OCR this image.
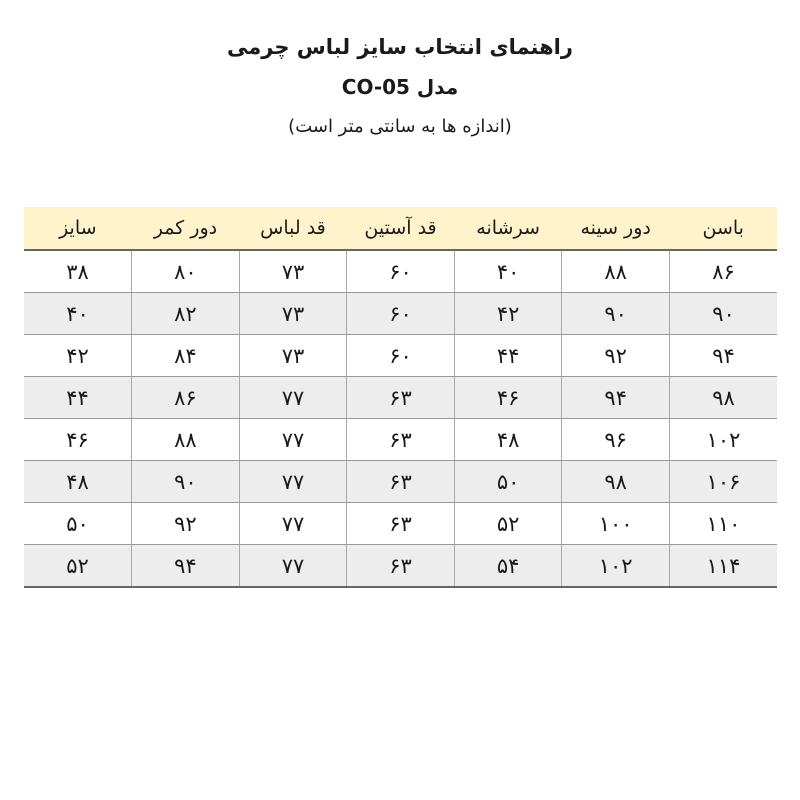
راهنمای انتخاب سایز لباس چرمی
مدل CO-05
(اندازه ها به سانتی متر است)
باسن	دور سینه	سرشانه	قد آستین	قد لباس	دور کمر	سایز
۸۶	۸۸	۴۰	۶۰	۷۳	۸۰	۳۸
۹۰	۹۰	۴۲	۶۰	۷۳	۸۲	۴۰
۹۴	۹۲	۴۴	۶۰	۷۳	۸۴	۴۲
۹۸	۹۴	۴۶	۶۳	۷۷	۸۶	۴۴
۱۰۲	۹۶	۴۸	۶۳	۷۷	۸۸	۴۶
۱۰۶	۹۸	۵۰	۶۳	۷۷	۹۰	۴۸
۱۱۰	۱۰۰	۵۲	۶۳	۷۷	۹۲	۵۰
۱۱۴	۱۰۲	۵۴	۶۳	۷۷	۹۴	۵۲
